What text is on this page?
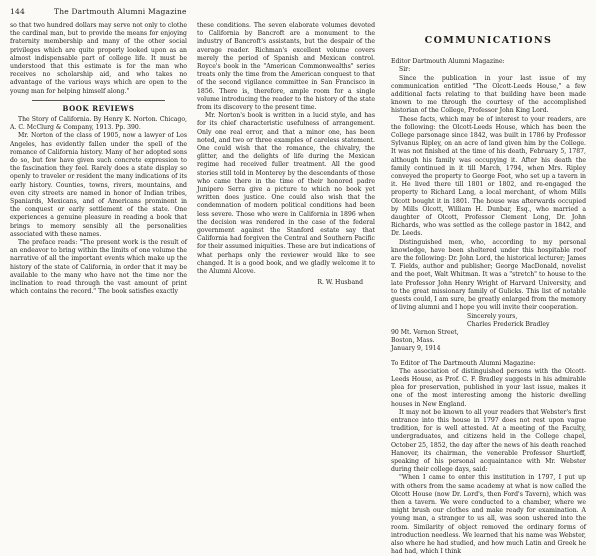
144	The Dartmouth Alumni Magazine

so that two hundred dollars may serve not only to clothe the cardinal man, but to provide the means for enjoying fraternity membership and many of the other social privileges which are quite properly looked upon as an almost indispensable part of college life. It must be understood that this estimate is for the man who receives no scholarship aid, and who takes no advantage of the various ways which are open to the young man for helping himself along."

BOOK REVIEWS

The Story of California. By Henry K. Norton. Chicago, A. C. McClurg & Company, 1913. Pp. 390.

Mr. Norton of the class of 1905, now a lawyer of Los Angeles, has evidently fallen under the spell of the romance of California history. Many of her adopted sons do so, but few have given such concrete expression to the fascination they feel. Rarely does a state display so openly to traveler or resident the many indications of its early history. Counties, towns, rivers, mountains, and even city streets are named in honor of Indian tribes, Spaniards, Mexicans, and of Americans prominent in the conquest or early settlement of the state. One experiences a genuine pleasure in reading a book that brings to memory sensibly all the personalities associated with these names.

The preface reads: "The present work is the result of an endeavor to bring within the limits of one volume the narrative of all the important events which make up the history of the state of California, in order that it may be available to the many who have not the time nor the inclination to read through the vast amount of print which contains the record." The book satisfies exactly

these conditions. The seven elaborate volumes devoted to California by Bancroft are a monument to the industry of Bancroft's assistants, but the despair of the average reader. Richman's excellent volume covers merely the period of Spanish and Mexican control. Royce's book in the "American Commonwealths" series treats only the time from the American conquest to that of the second vigilance committee in San Francisco in 1856. There is, therefore, ample room for a single volume introducing the reader to the history of the state from its discovery to the present time.

Mr. Norton's book is written in a lucid style, and has for its chief characteristic usefulness of arrangement. Only one real error, and that a minor one, has been noted, and two or three examples of careless statement. One could wish that the romance, the chivalry, the glitter, and the delights of life during the Mexican regime had received fuller treatment. All the good stories still told in Monterey by the descendants of those who came there in the time of their honored padre Junipero Serra give a picture to which no book yet written does justice. One could also wish that the condemnation of modern political conditions had been less severe. Those who were in California in 1896 when the decision was rendered in the case of the federal government against the Stanford estate say that California had forgiven the Central and Southern Pacific for their assumed iniquities. These are but indications of what perhaps only the reviewer would like to see changed. It is a good book, and we gladly welcome it to the Alumni Alcove.

R. W. Husband
COMMUNICATIONS

Editor Dartmouth Alumni Magazine:

Sir:

Since the publication in your last issue of my communication entitled "The Olcott-Leeds House," a few additional facts relating to that building have been made known to me through the courtesy of the accomplished historian of the College, Professor John King Lord.

These facts, which may be of interest to your readers, are the following: the Olcott-Leeds House, which has been the College parsonage since 1842, was built in 1786 by Professor Sylvanus Ripley, on an acre of land given him by the College. It was not finished at the time of his death, February 5, 1787, although his family was occupying it. After his death the family continued in it till March, 1794, when Mrs. Ripley conveyed the property to George Foot, who set up a tavern in it. He lived there till 1801 or 1802, and re-engaged the property to Richard Lang, a local merchant, of whom Mills Olcott bought it in 1801. The house was afterwards occupied by Mills Olcott, William H. Dunbar, Esq., who married a daughter of Olcott, Professor Clement Long, Dr. John Richards, who was settled as the college pastor in 1842, and Dr. Leeds.

Distinguished men, who, according to my personal knowledge, have been sheltered under this hospitable roof are the following: Dr. John Lord, the historical lecturer; James T. Fields, author and publisher; George MacDonald, novelist and the poet, Walt Whitman. It was a "stretch" to house to the late Professor John Henry Wright of Harvard University, and to the great missionary family of Gulicks. This list of notable guests could, I am sure, be greatly enlarged from the memory of living alumni and I hope you will invite their cooperation.

Sincerely yours,

Charles Frederick Bradley

90 Mt. Vernon Street,

Boston, Mass.

January 9, 1914

To Editor of The Dartmouth Alumni Magazine:

The association of distinguished persons with the Olcott-Leeds House, as Prof. C. F. Bradley suggests in his admirable plea for preservation, published in your last issue, makes it one of the most interesting among the historic dwelling houses in New England.

It may not be known to all your readers that Webster's first entrance into this house in 1797 does not rest upon vague tradition, for is well attested. At a meeting of the Faculty, undergraduates, and citizens held in the College chapel, October 25, 1852, the day after the news of his death reached Hanover, its chairman, the venerable Professor Shurtleff, speaking of his personal acquaintance with Mr. Webster during their college days, said:

"When I came to enter this institution in 1797, I put up with others from the same academy at what is now called the Olcott House (now Dr. Lord's, then Ford's Tavern), which was then a tavern. We were conducted to a chamber, where we might brush our clothes and make ready for examination. A young man, a stranger to us all, was soon ushered into the room. Similarity of object removed the ordinary forms of introduction needless. We learned that his name was Webster, also where he had studied, and how much Latin and Greek he had had, which I think
